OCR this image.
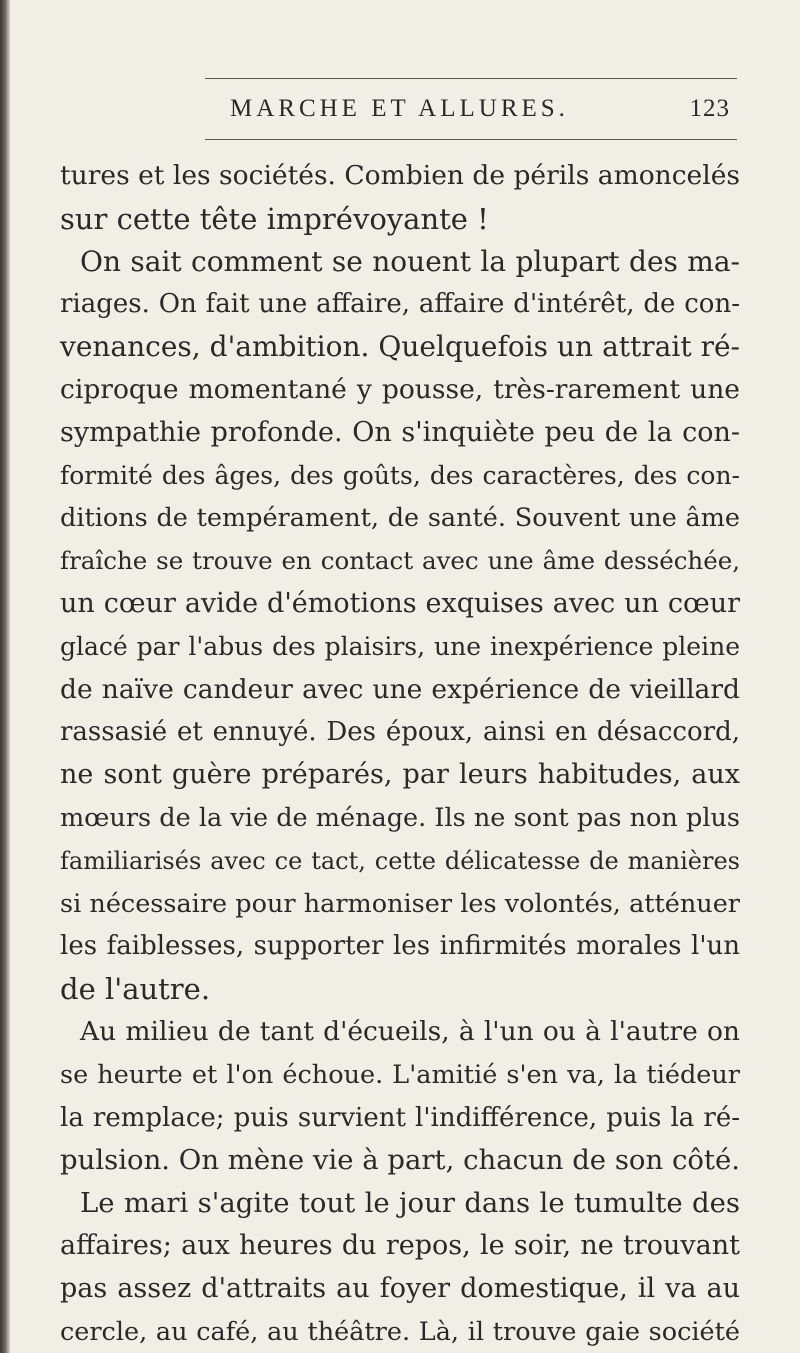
MARCHE ET ALLURES.	123
tures et les sociétés. Combien de périls amoncelés
sur cette tête imprévoyante !
On sait comment se nouent la plupart des ma-
riages. On fait une affaire, affaire d'intérêt, de con-
venances, d'ambition. Quelquefois un attrait ré-
ciproque momentané y pousse, très-rarement une
sympathie profonde. On s'inquiète peu de la con-
formité des âges, des goûts, des caractères, des con-
ditions de tempérament, de santé. Souvent une âme
fraîche se trouve en contact avec une âme desséchée,
un cœur avide d'émotions exquises avec un cœur
glacé par l'abus des plaisirs, une inexpérience pleine
de naïve candeur avec une expérience de vieillard
rassasié et ennuyé. Des époux, ainsi en désaccord,
ne sont guère préparés, par leurs habitudes, aux
mœurs de la vie de ménage. Ils ne sont pas non plus
familiarisés avec ce tact, cette délicatesse de manières
si nécessaire pour harmoniser les volontés, atténuer
les faiblesses, supporter les infirmités morales l'un
de l'autre.
Au milieu de tant d'écueils, à l'un ou à l'autre on
se heurte et l'on échoue. L'amitié s'en va, la tiédeur
la remplace; puis survient l'indifférence, puis la ré-
pulsion. On mène vie à part, chacun de son côté.
Le mari s'agite tout le jour dans le tumulte des
affaires; aux heures du repos, le soir, ne trouvant
pas assez d'attraits au foyer domestique, il va au
cercle, au café, au théâtre. Là, il trouve gaie société
